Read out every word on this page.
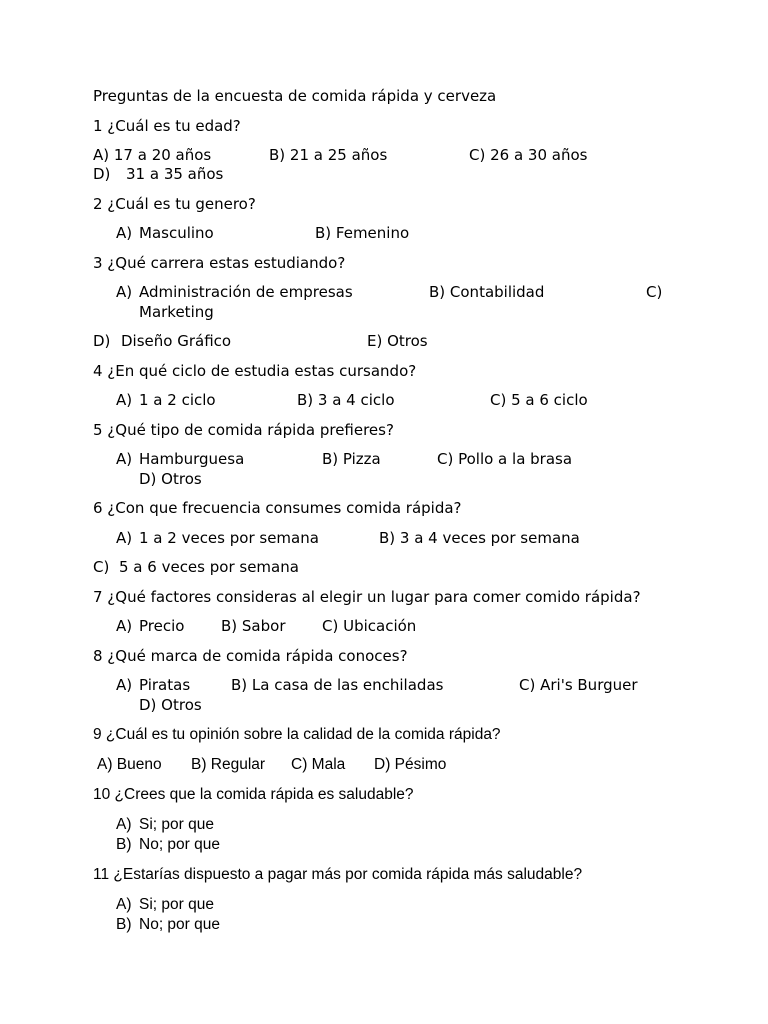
Preguntas de la encuesta de comida rápida y cerveza
1 ¿Cuál es tu edad?
A) 17 a 20 años	B) 21 a 25 años	C) 26 a 30 años
D) 31 a 35 años
2 ¿Cuál es tu genero?
A) Masculino	B) Femenino
3 ¿Qué carrera estas estudiando?
A) Administración de empresas	B) Contabilidad	C)
Marketing
D) Diseño Gráfico	E) Otros
4 ¿En qué ciclo de estudia estas cursando?
A) 1 a 2 ciclo	B) 3 a 4 ciclo	C) 5 a 6 ciclo
5 ¿Qué tipo de comida rápida prefieres?
A) Hamburguesa	B) Pizza	C) Pollo a la brasa
D) Otros
6 ¿Con que frecuencia consumes comida rápida?
A) 1 a 2 veces por semana	B) 3 a 4 veces por semana
C) 5 a 6 veces por semana
7 ¿Qué factores consideras al elegir un lugar para comer comido rápida?
A) Precio B) Sabor C) Ubicación
8 ¿Qué marca de comida rápida conoces?
A) Piratas	B) La casa de las enchiladas	C) Ari's Burguer
D) Otros
9 ¿Cuál es tu opinión sobre la calidad de la comida rápida?
A) Bueno B) Regular C) Mala D) Pésimo
10 ¿Crees que la comida rápida es saludable?
A) Si; por que
B) No; por que
11 ¿Estarías dispuesto a pagar más por comida rápida más saludable?
A) Si; por que
B) No; por que
